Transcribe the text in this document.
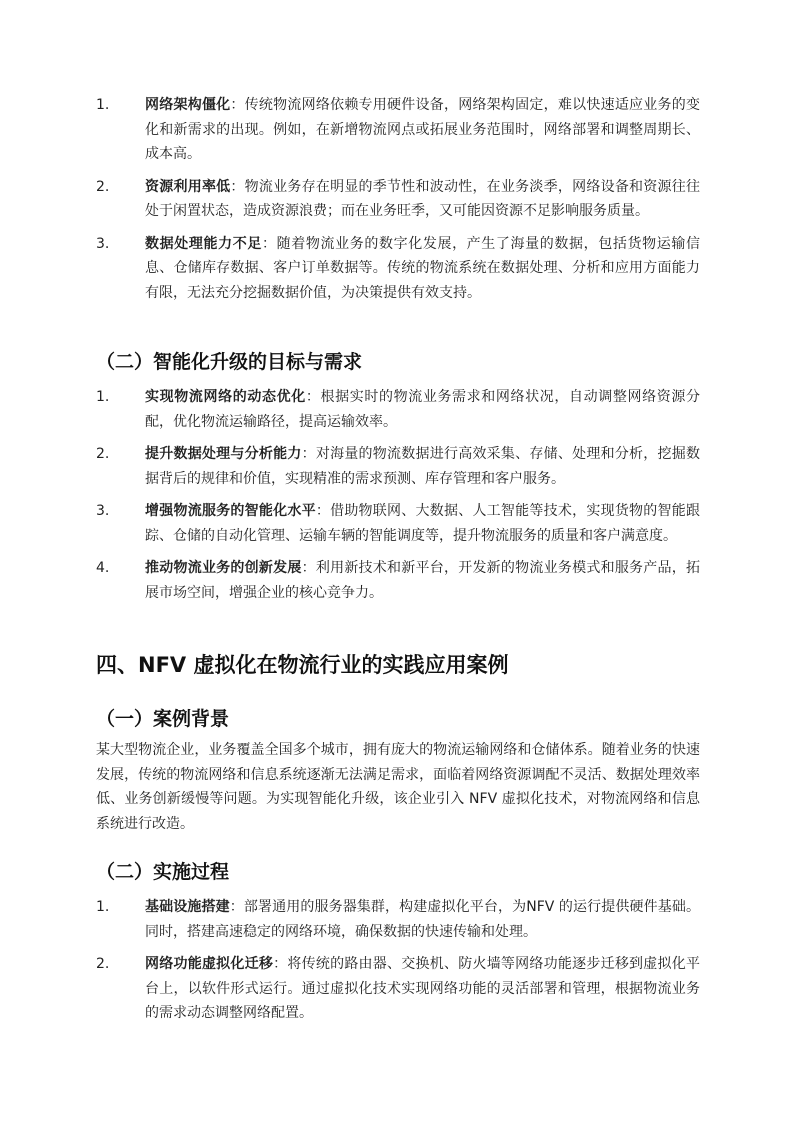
1.	网络架构僵化：传统物流网络依赖专用硬件设备，网络架构固定，难以快速适应业务的变化和新需求的出现。例如，在新增物流网点或拓展业务范围时，网络部署和调整周期长、成本高。
2.	资源利用率低：物流业务存在明显的季节性和波动性，在业务淡季，网络设备和资源往往处于闲置状态，造成资源浪费；而在业务旺季，又可能因资源不足影响服务质量。
3.	数据处理能力不足：随着物流业务的数字化发展，产生了海量的数据，包括货物运输信息、仓储库存数据、客户订单数据等。传统的物流系统在数据处理、分析和应用方面能力有限，无法充分挖掘数据价值，为决策提供有效支持。
（二）智能化升级的目标与需求
1.	实现物流网络的动态优化：根据实时的物流业务需求和网络状况，自动调整网络资源分配，优化物流运输路径，提高运输效率。
2.	提升数据处理与分析能力：对海量的物流数据进行高效采集、存储、处理和分析，挖掘数据背后的规律和价值，实现精准的需求预测、库存管理和客户服务。
3.	增强物流服务的智能化水平：借助物联网、大数据、人工智能等技术，实现货物的智能跟踪、仓储的自动化管理、运输车辆的智能调度等，提升物流服务的质量和客户满意度。
4.	推动物流业务的创新发展：利用新技术和新平台，开发新的物流业务模式和服务产品，拓展市场空间，增强企业的核心竞争力。
四、NFV 虚拟化在物流行业的实践应用案例
（一）案例背景
某大型物流企业，业务覆盖全国多个城市，拥有庞大的物流运输网络和仓储体系。随着业务的快速发展，传统的物流网络和信息系统逐渐无法满足需求，面临着网络资源调配不灵活、数据处理效率低、业务创新缓慢等问题。为实现智能化升级，该企业引入 NFV 虚拟化技术，对物流网络和信息系统进行改造。
（二）实施过程
1.	基础设施搭建：部署通用的服务器集群，构建虚拟化平台，为NFV 的运行提供硬件基础。同时，搭建高速稳定的网络环境，确保数据的快速传输和处理。
2.	网络功能虚拟化迁移：将传统的路由器、交换机、防火墙等网络功能逐步迁移到虚拟化平台上，以软件形式运行。通过虚拟化技术实现网络功能的灵活部署和管理，根据物流业务的需求动态调整网络配置。
